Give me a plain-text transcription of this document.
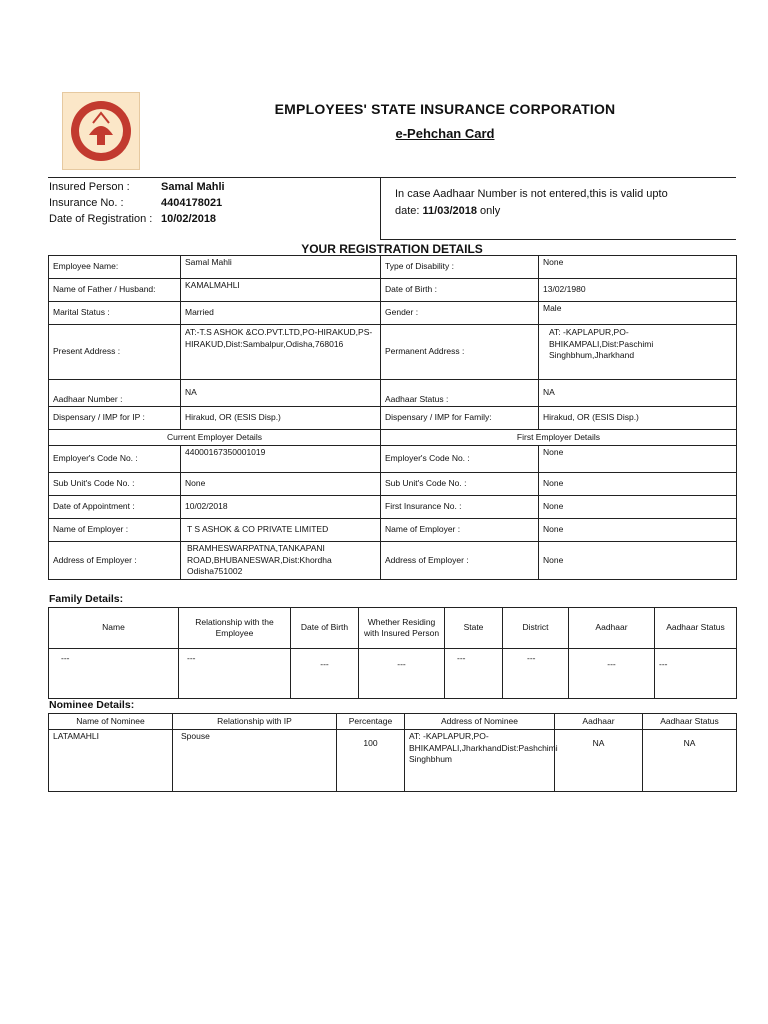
EMPLOYEES' STATE INSURANCE CORPORATION
e-Pehchan Card
Insured Person :	Samal Mahli
Insurance No. :	4404178021
Date of Registration : 10/02/2018
In case Aadhaar Number is not entered,this is valid upto
date: 11/03/2018 only
YOUR REGISTRATION DETAILS
Employee Name:	Samal Mahli	Type of Disability :	None
Name of Father / Husband:	KAMALMAHLI	Date of Birth :	13/02/1980
Marital Status :	Married	Gender :	Male
Present Address :	AT:-T.S ASHOK &CO.PVT.LTD,PO-HIRAKUD,PS-HIRAKUD,Dist:Sambalpur,Odisha,768016	Permanent Address :	AT: -KAPLAPUR,PO-BHIKAMPALI,Dist:Paschimi Singhbhum,Jharkhand
Aadhaar Number :	NA	Aadhaar Status :	NA
Dispensary / IMP for IP :	Hirakud, OR (ESIS Disp.)	Dispensary / IMP for Family:	Hirakud, OR (ESIS Disp.)
Current Employer Details		First Employer Details	
Employer's Code No. :	44000167350001019	Employer's Code No. :	None
Sub Unit's Code No. :	None	Sub Unit's Code No. :	None
Date of Appointment :	10/02/2018	First Insurance No. :	None
Name of Employer :	T S ASHOK & CO PRIVATE LIMITED	Name of Employer :	None
Address of Employer :	BRAMHESWARPATNA,TANKAPANI ROAD,BHUBANESWAR,Dist:Khordha Odisha751002	Address of Employer :	None
Family Details:
Name	Relationship with the Employee	Date of Birth	Whether Residing with Insured Person	State	District	Aadhaar	Aadhaar Status
---	---	---	---	---	---	---	---
Nominee Details:
Name of Nominee	Relationship with IP	Percentage	Address of Nominee	Aadhaar	Aadhaar Status
LATAMAHLI	Spouse	100	AT: -KAPLAPUR,PO-BHIKAMPALI,JharkhandDist:Pashchimi Singhbhum	NA	NA
